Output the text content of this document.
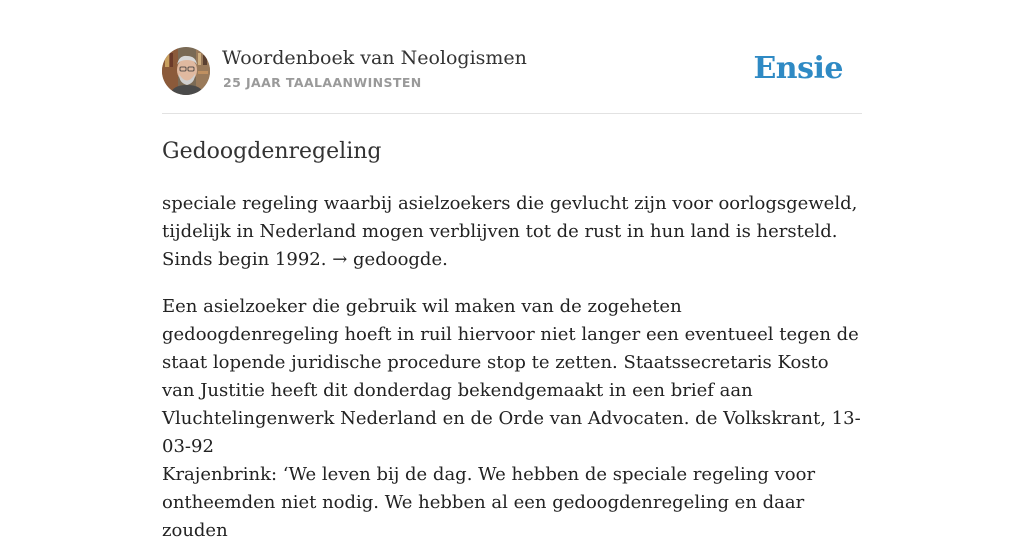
Woordenboek van Neologismen
25 JAAR TAALAANWINSTEN	Ensie
Gedoogdenregeling

speciale regeling waarbij asielzoekers die gevlucht zijn voor oorlogsgeweld, tijdelijk in Nederland mogen verblijven tot de rust in hun land is hersteld. Sinds begin 1992. → gedoogde.

Een asielzoeker die gebruik wil maken van de zogeheten gedoogdenregeling hoeft in ruil hiervoor niet langer een eventueel tegen de staat lopende juridische procedure stop te zetten. Staatssecretaris Kosto van Justitie heeft dit donderdag bekendgemaakt in een brief aan Vluchtelingenwerk Nederland en de Orde van Advocaten. de Volkskrant, 13-03-92

Krajenbrink: ‘We leven bij de dag. We hebben de speciale regeling voor ontheemden niet nodig. We hebben al een gedoogdenregeling en daar zouden
